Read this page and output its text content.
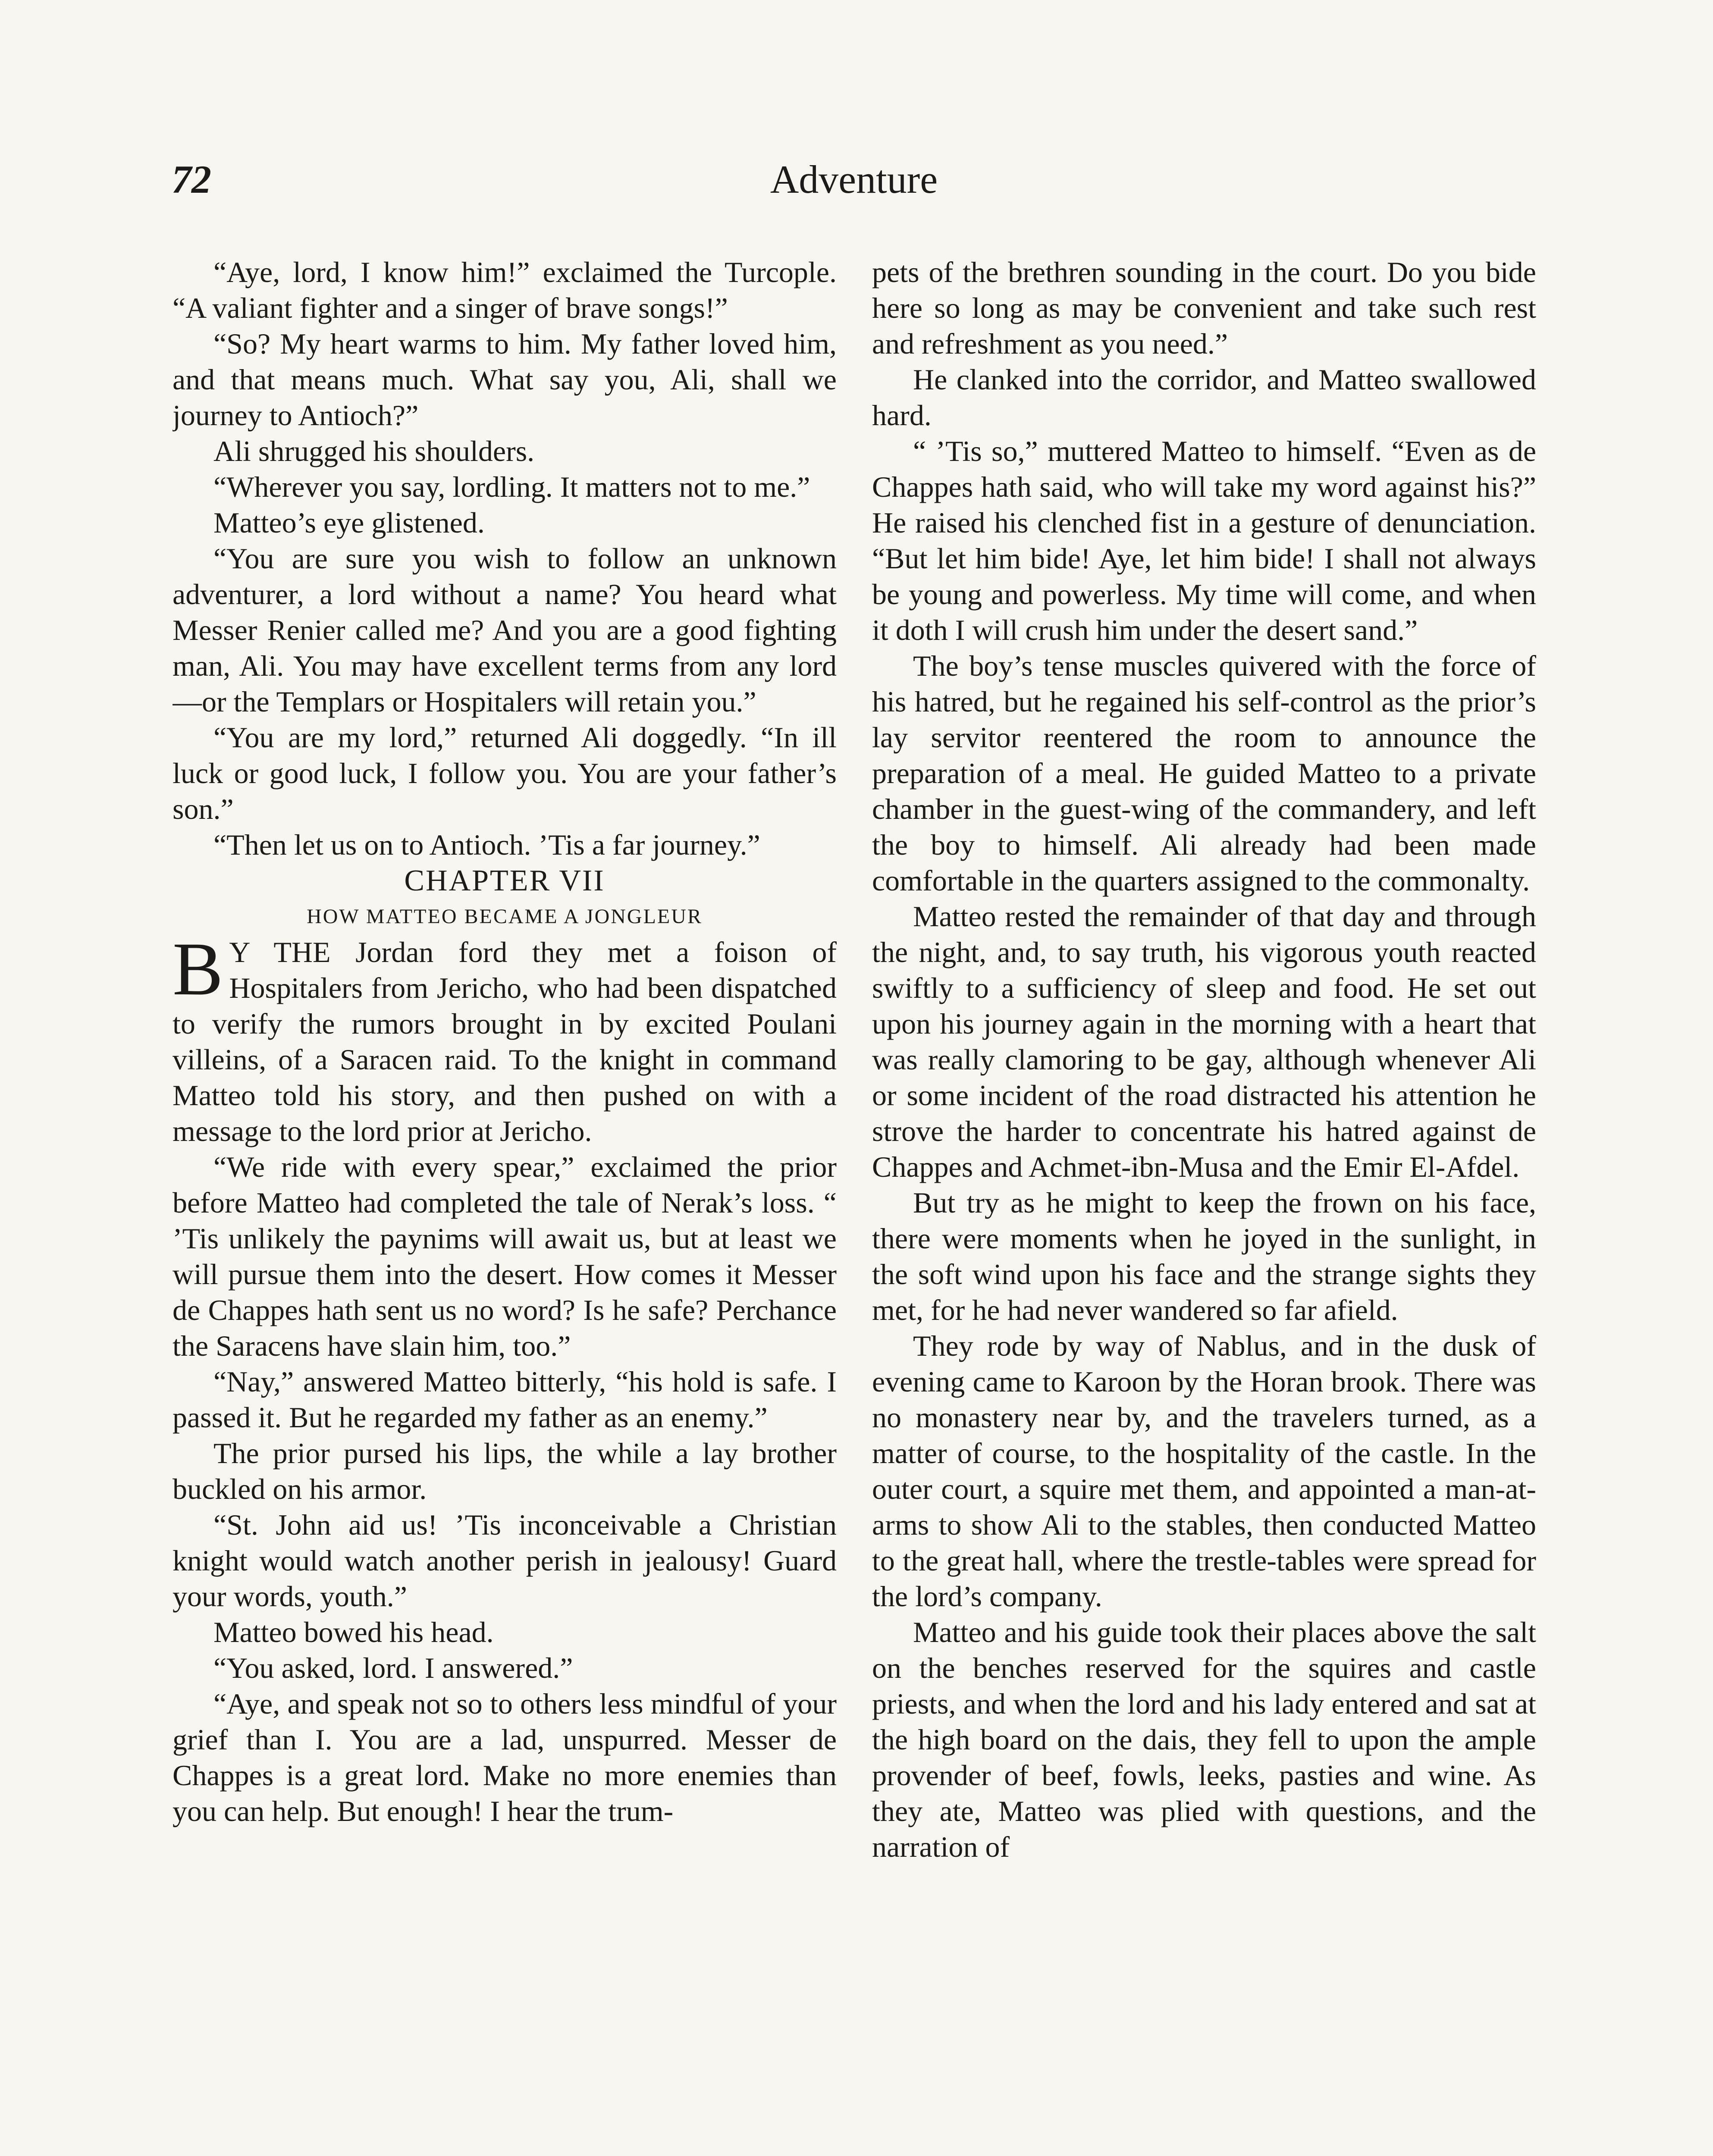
72	Adventure

“Aye, lord, I know him!” exclaimed the Turcople. “A valiant fighter and a singer of brave songs!”

“So? My heart warms to him. My father loved him, and that means much. What say you, Ali, shall we journey to Antioch?”

Ali shrugged his shoulders.

“Wherever you say, lordling. It matters not to me.”

Matteo’s eye glistened.

“You are sure you wish to follow an unknown adventurer, a lord without a name? You heard what Messer Renier called me? And you are a good fighting man, Ali. You may have excellent terms from any lord—or the Templars or Hospitalers will retain you.”

“You are my lord,” returned Ali doggedly. “In ill luck or good luck, I follow you. You are your father’s son.”

“Then let us on to Antioch. ’Tis a far journey.”

CHAPTER VII

HOW MATTEO BECAME A JONGLEUR

BY THE Jordan ford they met a foison of Hospitalers from Jericho, who had been dispatched to verify the rumors brought in by excited Poulani villeins, of a Saracen raid. To the knight in command Matteo told his story, and then pushed on with a message to the lord prior at Jericho.

“We ride with every spear,” exclaimed the prior before Matteo had completed the tale of Nerak’s loss. “ ’Tis unlikely the paynims will await us, but at least we will pursue them into the desert. How comes it Messer de Chappes hath sent us no word? Is he safe? Perchance the Saracens have slain him, too.”

“Nay,” answered Matteo bitterly, “his hold is safe. I passed it. But he regarded my father as an enemy.”

The prior pursed his lips, the while a lay brother buckled on his armor.

“St. John aid us! ’Tis inconceivable a Christian knight would watch another perish in jealousy! Guard your words, youth.”

Matteo bowed his head.

“You asked, lord. I answered.”

“Aye, and speak not so to others less mindful of your grief than I. You are a lad, unspurred. Messer de Chappes is a great lord. Make no more enemies than you can help. But enough! I hear the trum-

pets of the brethren sounding in the court. Do you bide here so long as may be convenient and take such rest and refreshment as you need.”

He clanked into the corridor, and Matteo swallowed hard.

“ ’Tis so,” muttered Matteo to himself. “Even as de Chappes hath said, who will take my word against his?” He raised his clenched fist in a gesture of denunciation. “But let him bide! Aye, let him bide! I shall not always be young and powerless. My time will come, and when it doth I will crush him under the desert sand.”

The boy’s tense muscles quivered with the force of his hatred, but he regained his self-control as the prior’s lay servitor reentered the room to announce the preparation of a meal. He guided Matteo to a private chamber in the guest-wing of the commandery, and left the boy to himself. Ali already had been made comfortable in the quarters assigned to the commonalty.

Matteo rested the remainder of that day and through the night, and, to say truth, his vigorous youth reacted swiftly to a sufficiency of sleep and food. He set out upon his journey again in the morning with a heart that was really clamoring to be gay, although whenever Ali or some incident of the road distracted his attention he strove the harder to concentrate his hatred against de Chappes and Achmet-ibn-Musa and the Emir El-Afdel.

But try as he might to keep the frown on his face, there were moments when he joyed in the sunlight, in the soft wind upon his face and the strange sights they met, for he had never wandered so far afield.

They rode by way of Nablus, and in the dusk of evening came to Karoon by the Horan brook. There was no monastery near by, and the travelers turned, as a matter of course, to the hospitality of the castle. In the outer court, a squire met them, and appointed a man-at-arms to show Ali to the stables, then conducted Matteo to the great hall, where the trestle-tables were spread for the lord’s company.

Matteo and his guide took their places above the salt on the benches reserved for the squires and castle priests, and when the lord and his lady entered and sat at the high board on the dais, they fell to upon the ample provender of beef, fowls, leeks, pasties and wine. As they ate, Matteo was plied with questions, and the narration of
